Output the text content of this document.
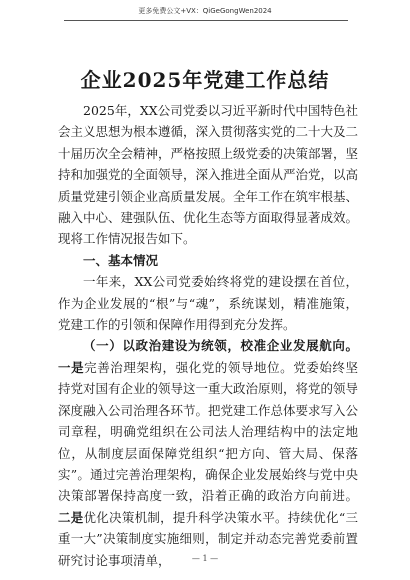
更多免费公文+VX：QiGeGongWen2024
企业2025年党建工作总结

2025年，XX公司党委以习近平新时代中国特色社会主义思想为根本遵循，深入贯彻落实党的二十大及二十届历次全会精神，严格按照上级党委的决策部署，坚持和加强党的全面领导，深入推进全面从严治党，以高质量党建引领企业高质量发展。全年工作在筑牢根基、融入中心、建强队伍、优化生态等方面取得显著成效。现将工作情况报告如下。

一、基本情况

一年来，XX公司党委始终将党的建设摆在首位，作为企业发展的“根”与“魂”，系统谋划，精准施策，党建工作的引领和保障作用得到充分发挥。

（一）以政治建设为统领，校准企业发展航向。一是完善治理架构，强化党的领导地位。党委始终坚持党对国有企业的领导这一重大政治原则，将党的领导深度融入公司治理各环节。把党建工作总体要求写入公司章程，明确党组织在公司法人治理结构中的法定地位，从制度层面保障党组织“把方向、管大局、保落实”。通过完善治理架构，确保企业发展始终与党中央决策部署保持高度一致，沿着正确的政治方向前进。二是优化决策机制，提升科学决策水平。持续优化“三重一大”决策制度实施细则，制定并动态完善党委前置研究讨论事项清单，	— 1 —
